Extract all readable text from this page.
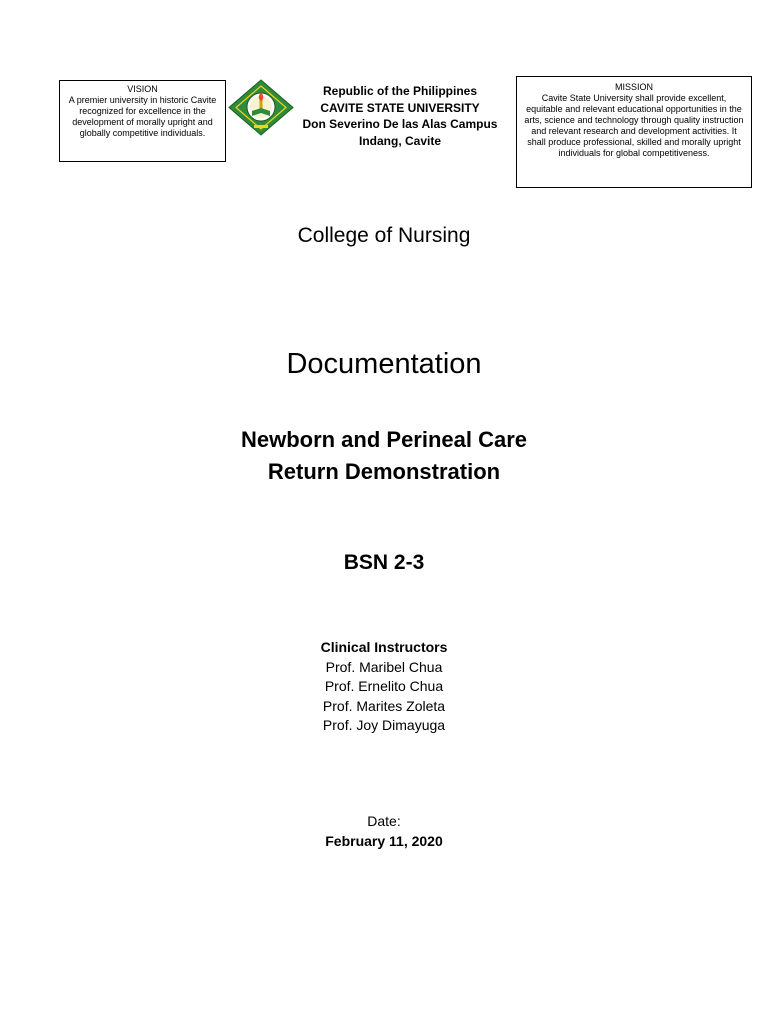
VISION
A premier university in historic Cavite recognized for excellence in the development of morally upright and globally competitive individuals.
Republic of the Philippines
CAVITE STATE UNIVERSITY
Don Severino De las Alas Campus
Indang, Cavite
MISSION
Cavite State University shall provide excellent, equitable and relevant educational opportunities in the arts, science and technology through quality instruction and relevant research and development activities. It shall produce professional, skilled and morally upright individuals for global competitiveness.
College of Nursing
Documentation
Newborn and Perineal Care
Return Demonstration
BSN 2-3
Clinical Instructors
Prof. Maribel Chua
Prof. Ernelito Chua
Prof. Marites Zoleta
Prof. Joy Dimayuga
Date:
February 11, 2020
